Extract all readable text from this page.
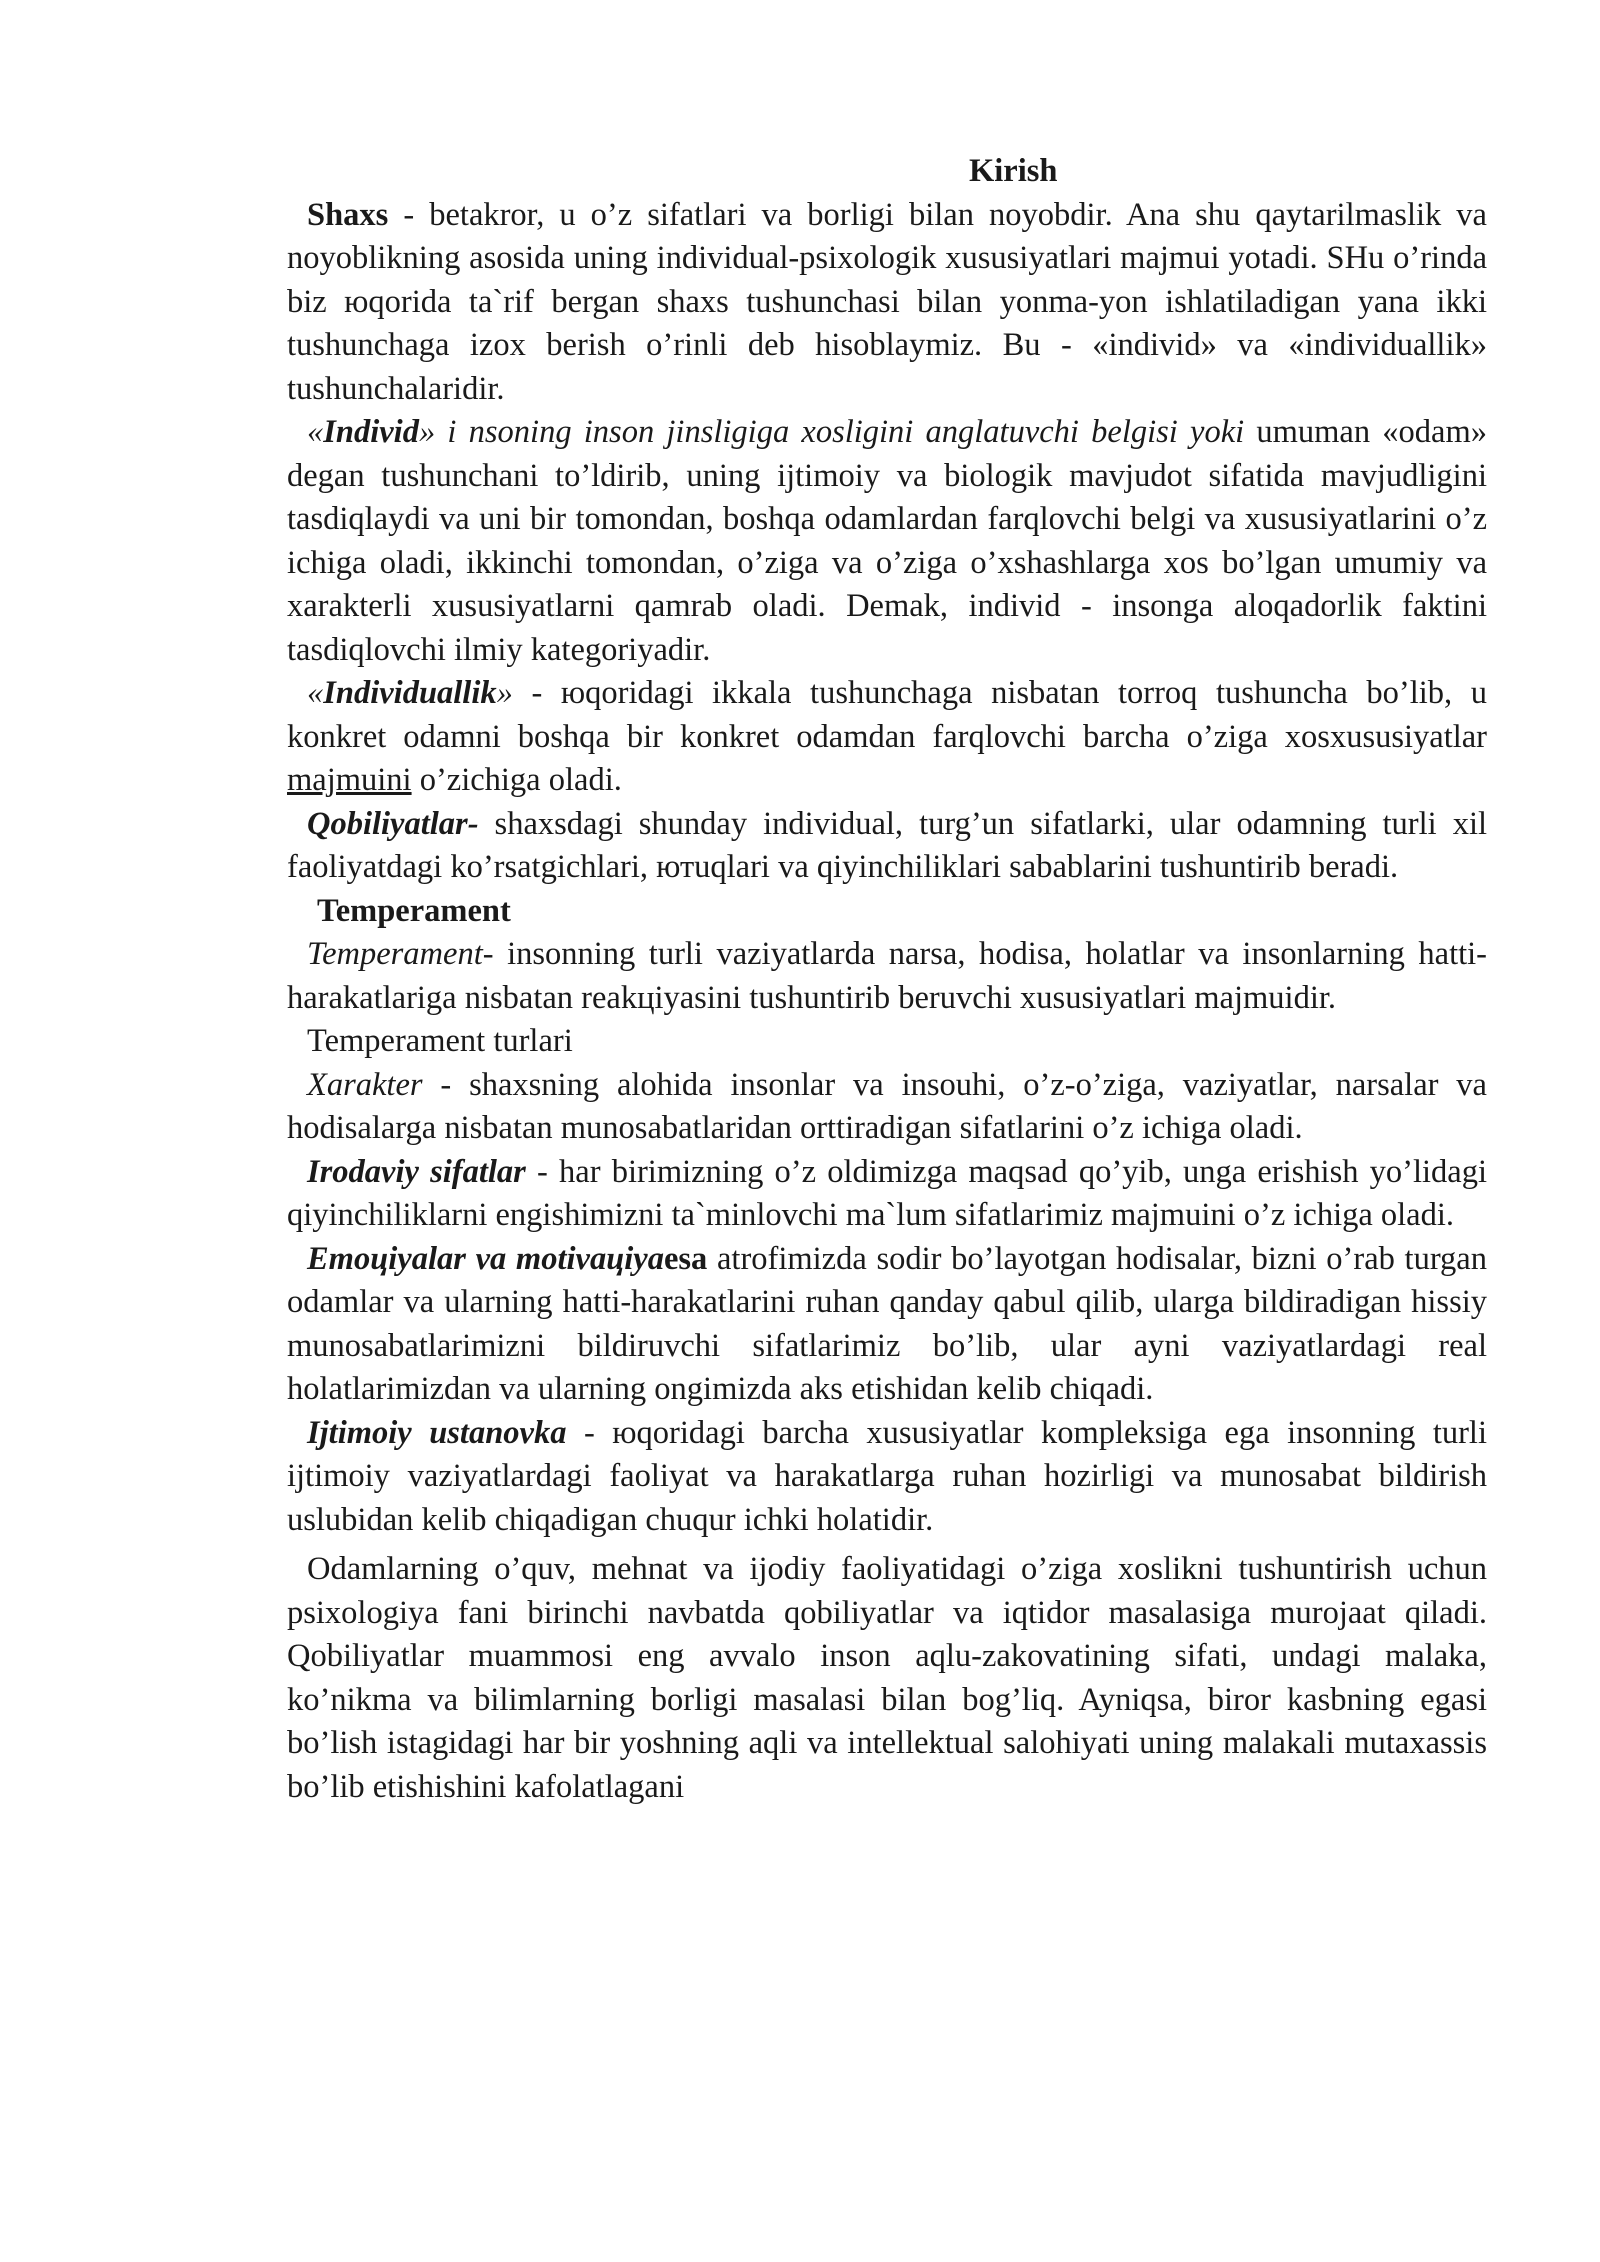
Kirish

Shaxs - betakror, u o’z sifatlari va borligi bilan noyobdir. Ana shu qaytarilmaslik va noyoblikning asosida uning individual-psixologik xususiyatlari majmui yotadi. SHu o’rinda biz юqorida ta`rif bergan shaxs tushunchasi bilan yonma-yon ishlatiladigan yana ikki tushunchaga izox berish o’rinli deb hisoblaymiz. Bu - «individ» va «individuallik» tushunchalaridir.

«Individ» i nsoning inson jinsligiga xosligini anglatuvchi belgisi yoki umuman «odam» degan tushunchani to’ldirib, uning ijtimoiy va biologik mavjudot sifatida mavjudligini tasdiqlaydi va uni bir tomondan, boshqa odamlardan farqlovchi belgi va xususiyatlarini o’z ichiga oladi, ikkinchi tomondan, o’ziga va o’ziga o’xshashlarga xos bo’lgan umumiy va xarakterli xususiyatlarni qamrab oladi. Demak, individ - insonga aloqadorlik faktini tasdiqlovchi ilmiy kategoriyadir.

«Individuallik» - юqoridagi ikkala tushunchaga nisbatan torroq tushuncha bo’lib, u konkret odamni boshqa bir konkret odamdan farqlovchi barcha o’ziga xosxususiyatlar majmuini o’zichiga oladi.

Qobiliyatlar- shaxsdagi shunday individual, turg’un sifatlarki, ular odamning turli xil faoliyatdagi ko’rsatgichlari, ютuqlari va qiyinchiliklari sabablarini tushuntirib beradi.

Temperament

Temperament- insonning turli vaziyatlarda narsa, hodisa, holatlar va insonlarning hatti-harakatlariga nisbatan reakцiyasini tushuntirib beruvchi xususiyatlari majmuidir.

Temperament turlari

Xarakter - shaxsning alohida insonlar va insouhi, o’z-o’ziga, vaziyatlar, narsalar va hodisalarga nisbatan munosabatlaridan orttiradigan sifatlarini o’z ichiga oladi.

Irodaviy sifatlar - har birimizning o’z oldimizga maqsad qo’yib, unga erishish yo’lidagi qiyinchiliklarni engishimizni ta`minlovchi ma`lum sifatlarimiz majmuini o’z ichiga oladi.

Emoцiyalar va motivaцiyaesa atrofimizda sodir bo’layotgan hodisalar, bizni o’rab turgan odamlar va ularning hatti-harakatlarini ruhan qanday qabul qilib, ularga bildiradigan hissiy munosabatlarimizni bildiruvchi sifatlarimiz bo’lib, ular ayni vaziyatlardagi real holatlarimizdan va ularning ongimizda aks etishidan kelib chiqadi.

Ijtimoiy ustanovka - юqoridagi barcha xususiyatlar kompleksiga ega insonning turli ijtimoiy vaziyatlardagi faoliyat va harakatlarga ruhan hozirligi va munosabat bildirish uslubidan kelib chiqadigan chuqur ichki holatidir.

Odamlarning o’quv, mehnat va ijodiy faoliyatidagi o’ziga xoslikni tushuntirish uchun psixologiya fani birinchi navbatda qobiliyatlar va iqtidor masalasiga murojaat qiladi. Qobiliyatlar muammosi eng avvalo inson aqlu-zakovatining sifati, undagi malaka, ko’nikma va bilimlarning borligi masalasi bilan bog’liq. Ayniqsa, biror kasbning egasi bo’lish istagidagi har bir yoshning aqli va intellektual salohiyati uning malakali mutaxassis bo’lib etishishini kafolatlagani
